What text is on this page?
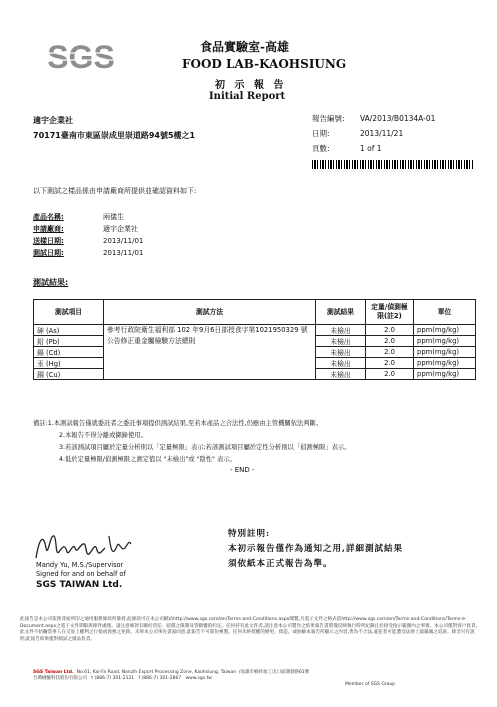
SGS	食品實驗室-高雄
FOOD LAB-KAOHSIUNG
初 示 報 告
Initial Report
適宇企業社
70171臺南市東區崇成里崇道路94號5樓之1
報告編號: VA/2013/B0134A-01
日期:	2013/11/21
頁數:	1 of 1
以下測試之樣品係由申請廠商所提供並確認資料如下:
產品名稱:	兩儀生
申請廠商:	適宇企業社
送樣日期:	2013/11/01
測試日期:	2013/11/01
測試結果:
測試項目	測試方法	測試結果	定量/偵測極限(註2)	單位
砷 (As)	參考行政院衛生福利部 102 年9月6日部授食字第1021950329 號公告修正重金屬檢驗方法總則	未檢出	2.0	ppm(mg/kg)
鉛 (Pb)		未檢出	2.0	ppm(mg/kg)
鎘 (Cd)		未檢出	2.0	ppm(mg/kg)
汞 (Hg)		未檢出	2.0	ppm(mg/kg)
銅 (Cu)		未檢出	2.0	ppm(mg/kg)
備註:1.本測試報告僅就委託者之委託事項提供測試結果,至若本產品之合法性,仍應由主管機關依法判斷。
2.本報告不得分離或擷錄使用。
3.若該測試項目屬於定量分析則以「定量極限」表示;若該測試項目屬於定性分析則以「偵測極限」表示。
4.低於定量極限/偵測極限之測定值以 "未檢出"或 "陰性" 表示。
- END -
Mandy Yu, M.S./Supervisor
Signed for and on behalf of
SGS TAIWAN Ltd.
特別註明:
本初示報告僅作為通知之用,詳細測試結果
須依紙本正式報告為準。
此報告是本公司依照背面所印之通用服務條款所簽發,此條款可在本公司網站http://www.sgs.com/en/Terms-and-Conditions.aspx閱覽,凡電子文件之格式依http://www.sgs.com/en/Terms-and-Conditions/Terms-e-Document.aspx之電子文件期限與條件處理。請注意條款有關於責任、賠償之限制及管轄權的約定。任何持有此文件者,請注意本公司製作之結果報告書將僅反映執行時所紀錄且於接受指示範圍內之事實。本公司僅對客戶負責,此文件不妨礙當事人在交易上權利之行使或義務之免除。未經本公司事先書面同意,此報告不可部份複製。任何未經授權的變更、偽造、或曲解本報告所顯示之內容,皆為不合法,違犯者可能遭受法律上最嚴厲之追訴。除非另有說明,此報告結果僅對測試之樣品負責。
SGS Taiwan Ltd. No.61, Kai-Fa Road, Nanzih Export Processing Zone, Kaohsiung, Taiwan  /高雄市楠梓加工出口區開發路61號
台灣檢驗科技股份有限公司 t (886-7) 301-2121 f (886-7) 301-2867 www.sgs.tw
Member of SGS Group
